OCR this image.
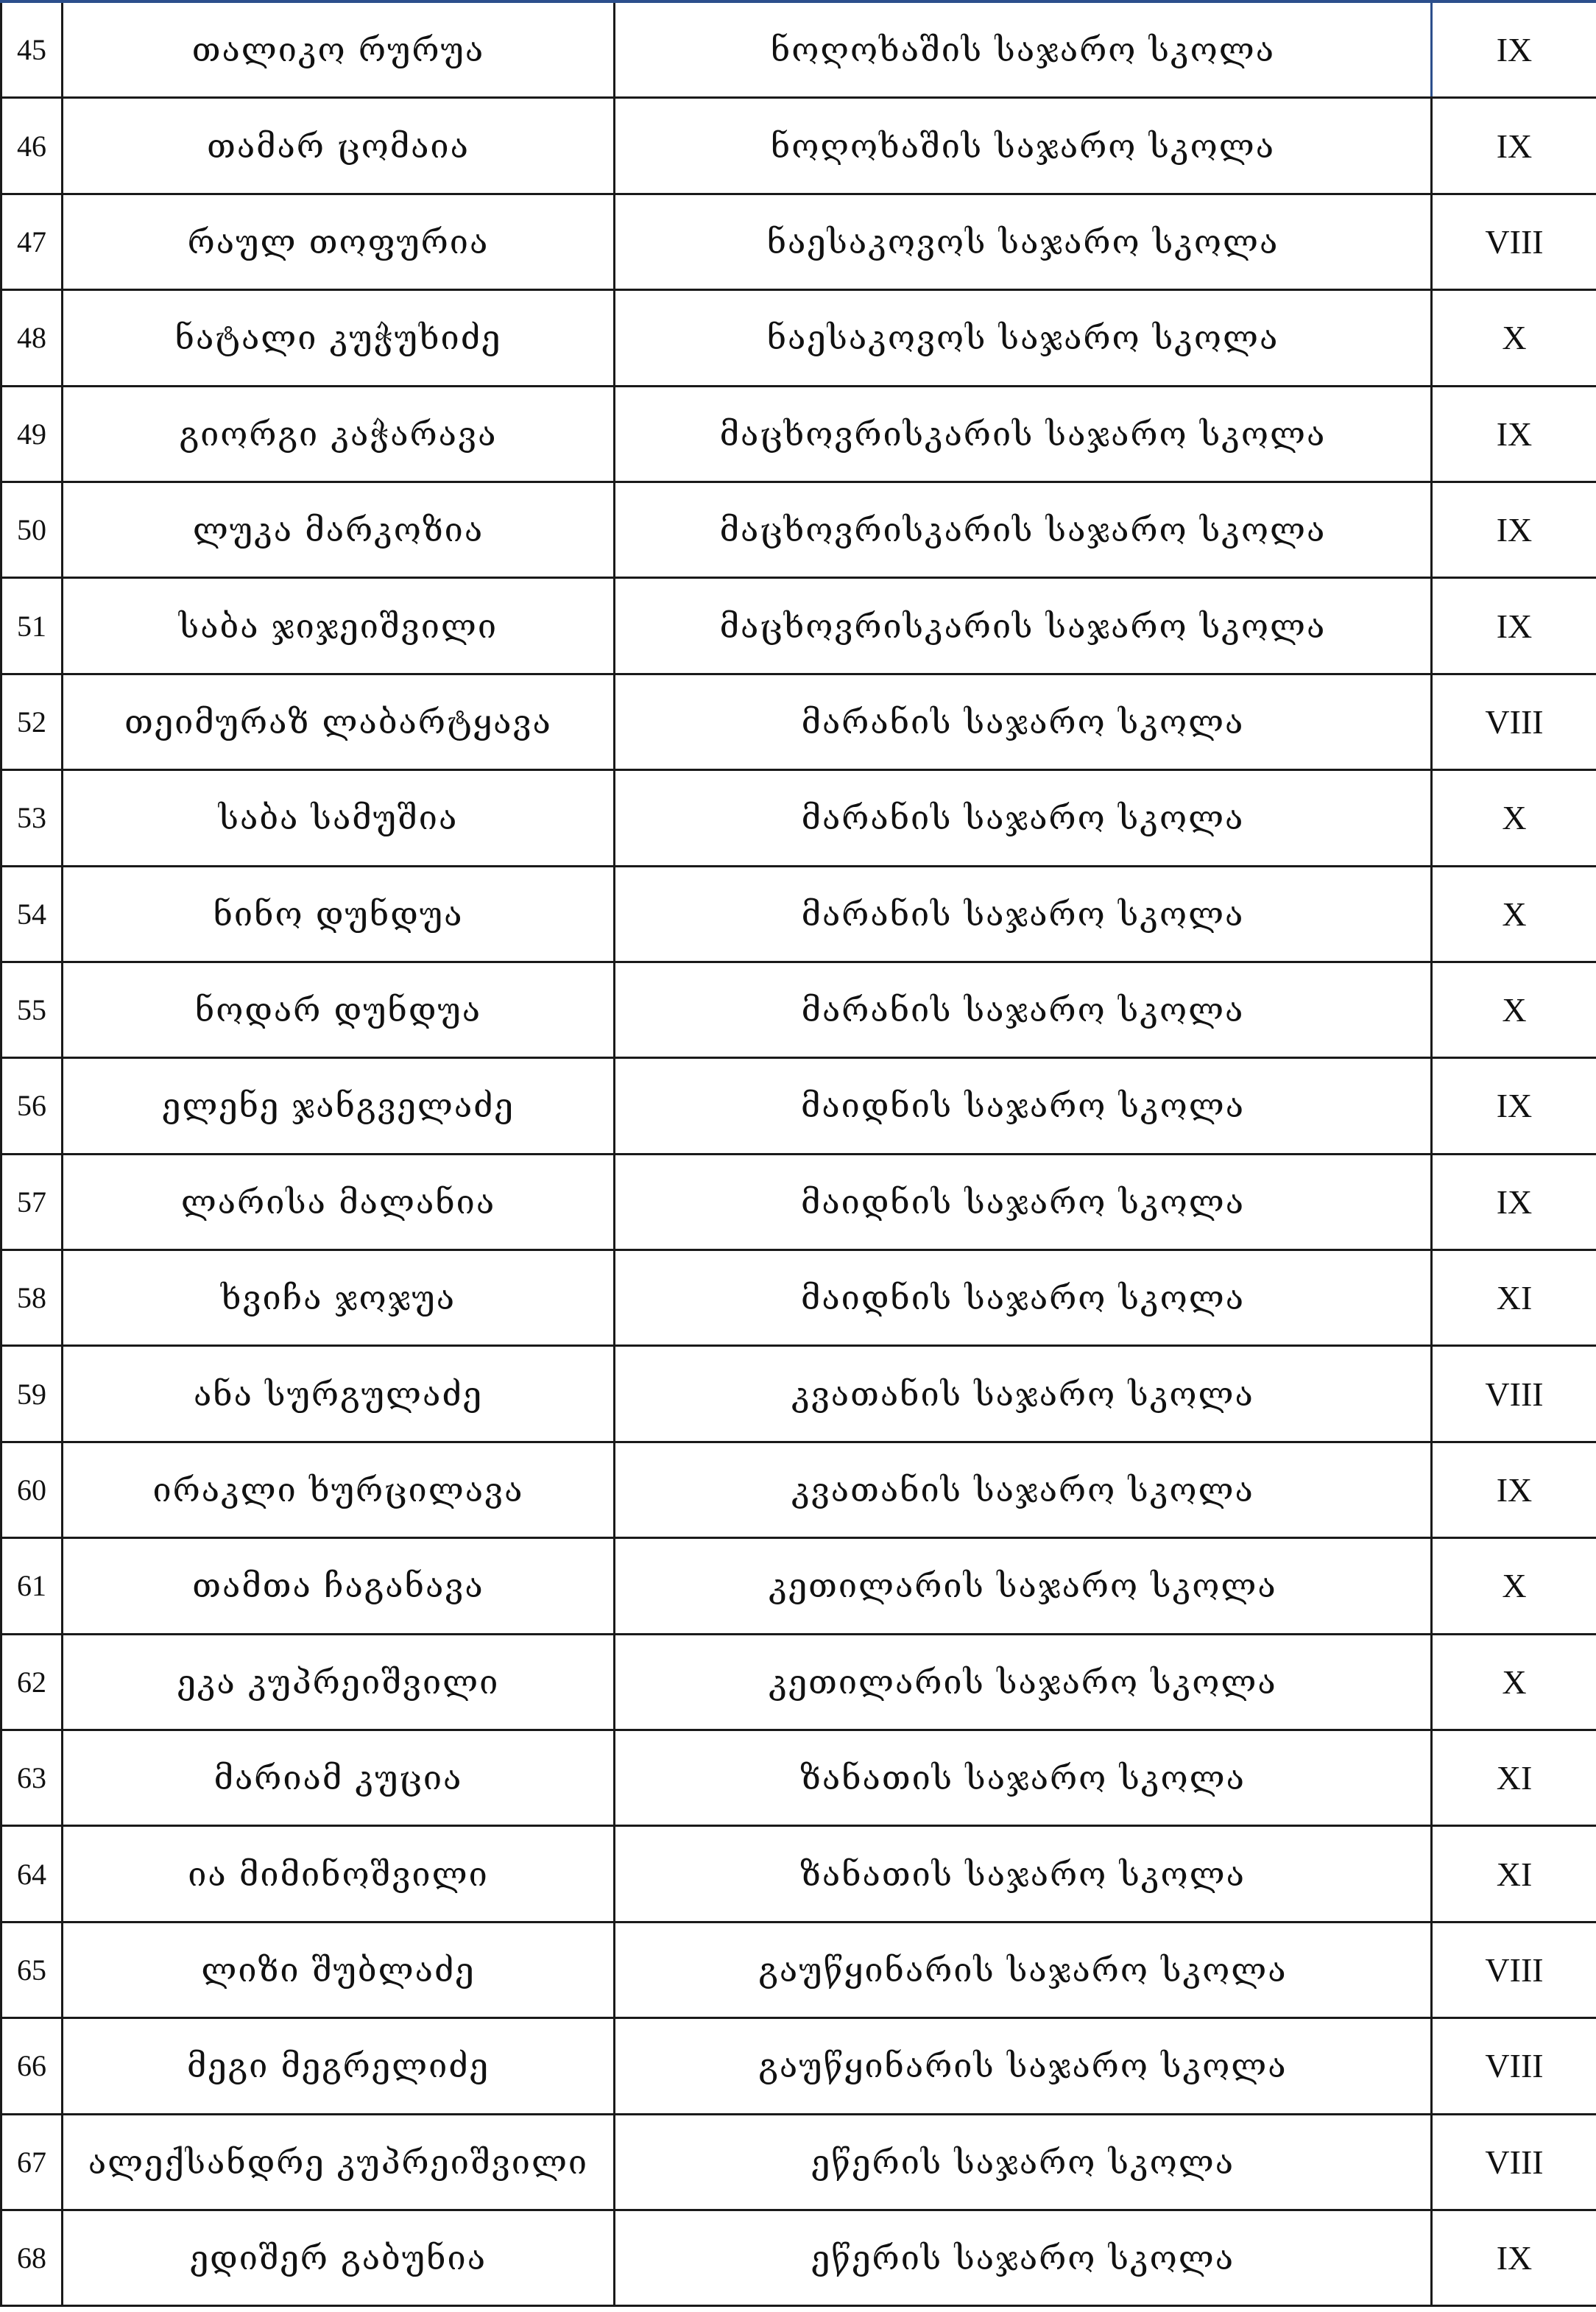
45	თალიკო რურუა	ნოღოხაშის საჯარო სკოლა	IX
46	თამარ ცომაია	ნოღოხაშის საჯარო სკოლა	IX
47	რაულ თოფურია	ნაესაკოვოს საჯარო სკოლა	VIII
48	ნატალი კუჭუხიძე	ნაესაკოვოს საჯარო სკოლა	X
49	გიორგი კაჭარავა	მაცხოვრისკარის საჯარო სკოლა	IX
50	ლუკა მარკოზია	მაცხოვრისკარის საჯარო სკოლა	IX
51	საბა ჯიჯეიშვილი	მაცხოვრისკარის საჯარო სკოლა	IX
52	თეიმურაზ ლაბარტყავა	მარანის საჯარო სკოლა	VIII
53	საბა სამუშია	მარანის საჯარო სკოლა	X
54	ნინო დუნდუა	მარანის საჯარო სკოლა	X
55	ნოდარ დუნდუა	მარანის საჯარო სკოლა	X
56	ელენე ჯანგველაძე	მაიდნის საჯარო სკოლა	IX
57	ლარისა მალანია	მაიდნის საჯარო სკოლა	IX
58	ხვიჩა ჯოჯუა	მაიდნის საჯარო სკოლა	XI
59	ანა სურგულაძე	კვათანის საჯარო სკოლა	VIII
60	ირაკლი ხურცილავა	კვათანის საჯარო სკოლა	IX
61	თამთა ჩაგანავა	კეთილარის საჯარო სკოლა	X
62	ეკა კუპრეიშვილი	კეთილარის საჯარო სკოლა	X
63	მარიამ კუცია	ზანათის საჯარო სკოლა	XI
64	ია მიმინოშვილი	ზანათის საჯარო სკოლა	XI
65	ლიზი შუბლაძე	გაუწყინარის საჯარო სკოლა	VIII
66	მეგი მეგრელიძე	გაუწყინარის საჯარო სკოლა	VIII
67	ალექსანდრე კუპრეიშვილი	ეწერის საჯარო სკოლა	VIII
68	ედიშერ გაბუნია	ეწერის საჯარო სკოლა	IX
